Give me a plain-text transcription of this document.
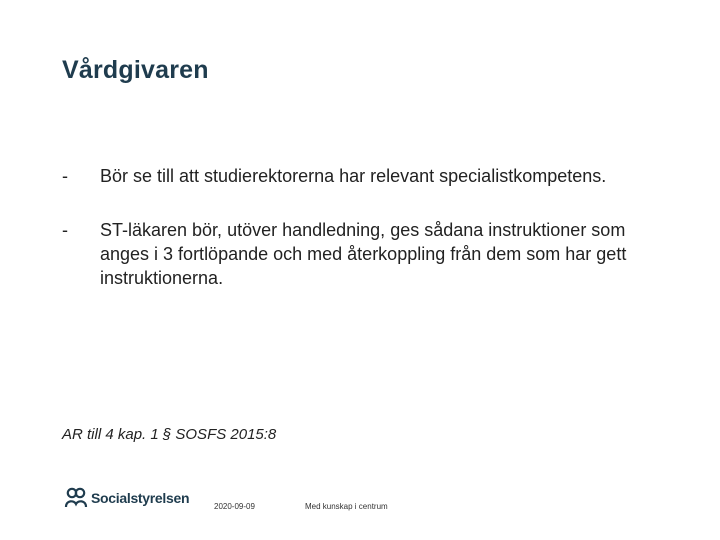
Vårdgivaren
- Bör se till att studierektorerna har relevant specialistkompetens.
- ST-läkaren bör, utöver handledning, ges sådana instruktioner som anges i 3 fortlöpande och med återkoppling från dem som har gett instruktionerna.
AR till 4 kap. 1 § SOSFS 2015:8
Socialstyrelsen
2020-09-09	Med kunskap i centrum
